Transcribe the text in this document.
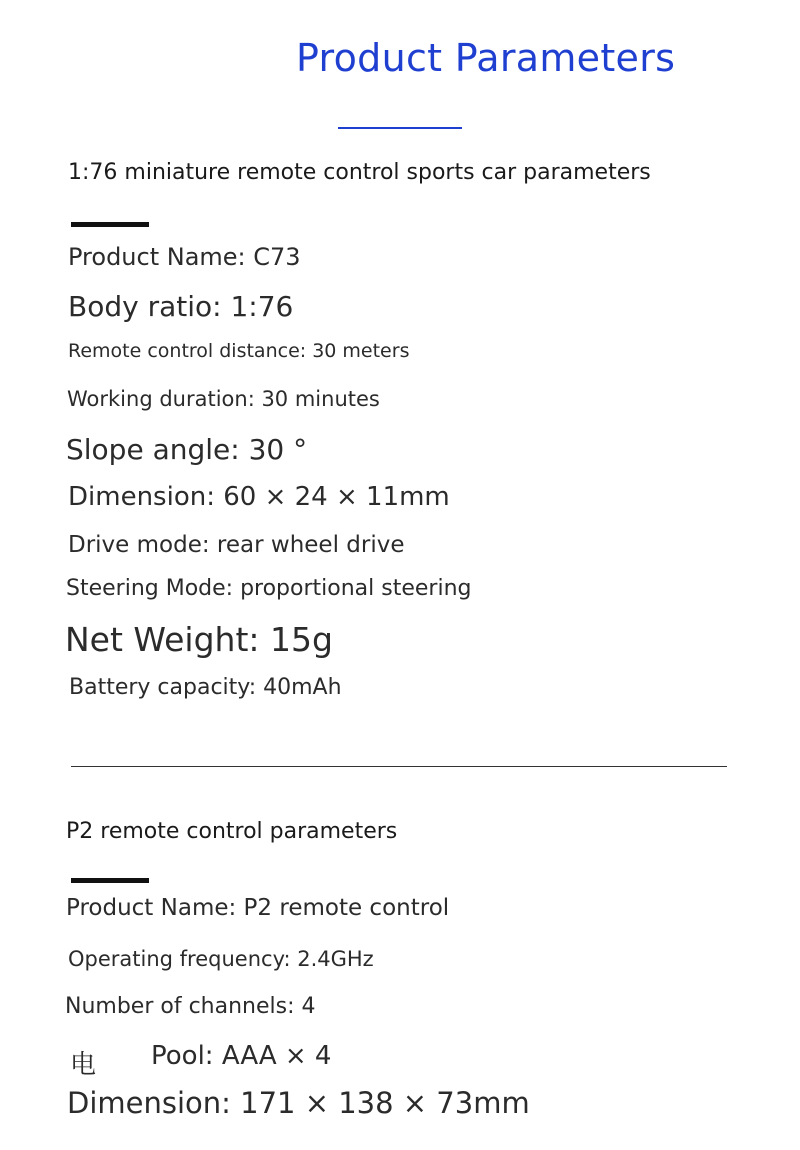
Product Parameters
1:76 miniature remote control sports car parameters
Product Name: C73
Body ratio: 1:76
Remote control distance: 30 meters
Working duration: 30 minutes
Slope angle: 30 °
Dimension: 60 × 24 × 11mm
Drive mode: rear wheel drive
Steering Mode: proportional steering
Net Weight: 15g
Battery capacity: 40mAh
P2 remote control parameters
Product Name: P2 remote control
Operating frequency: 2.4GHz
Number of channels: 4
电 Pool: AAA × 4
Dimension: 171 × 138 × 73mm
